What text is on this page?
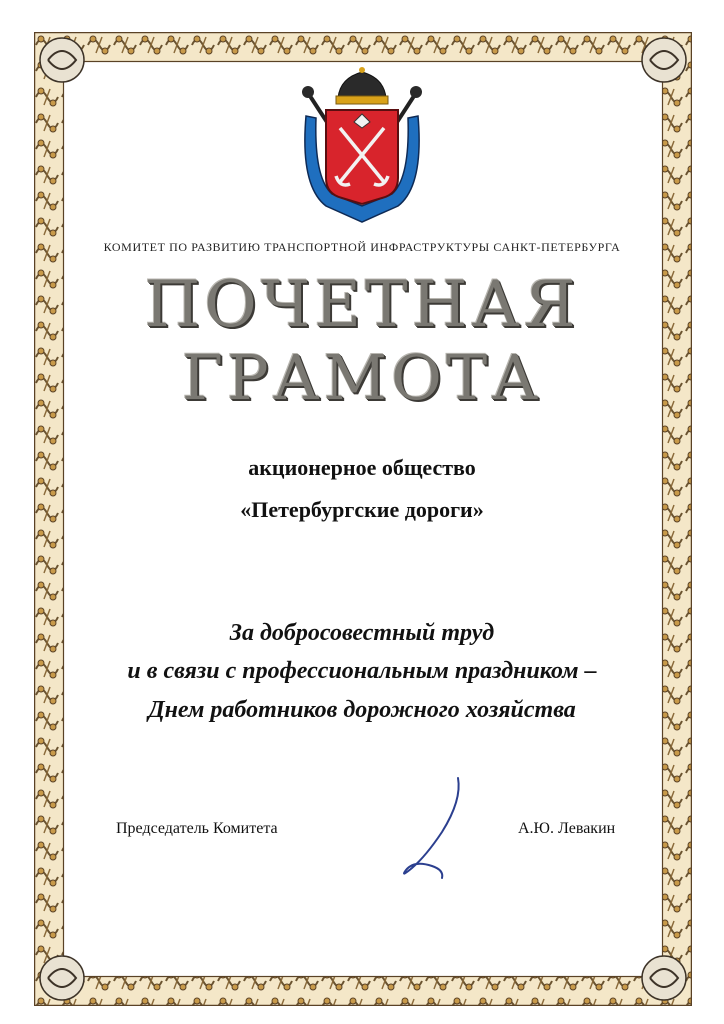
КОМИТЕТ ПО РАЗВИТИЮ ТРАНСПОРТНОЙ ИНФРАСТРУКТУРЫ САНКТ-ПЕТЕРБУРГА
ПОЧЕТНАЯ
ГРАМОТА
акционерное общество
«Петербургские дороги»
За добросовестный труд
и в связи с профессиональным праздником –
Днем работников дорожного хозяйства
Председатель Комитета	А.Ю. Левакин
